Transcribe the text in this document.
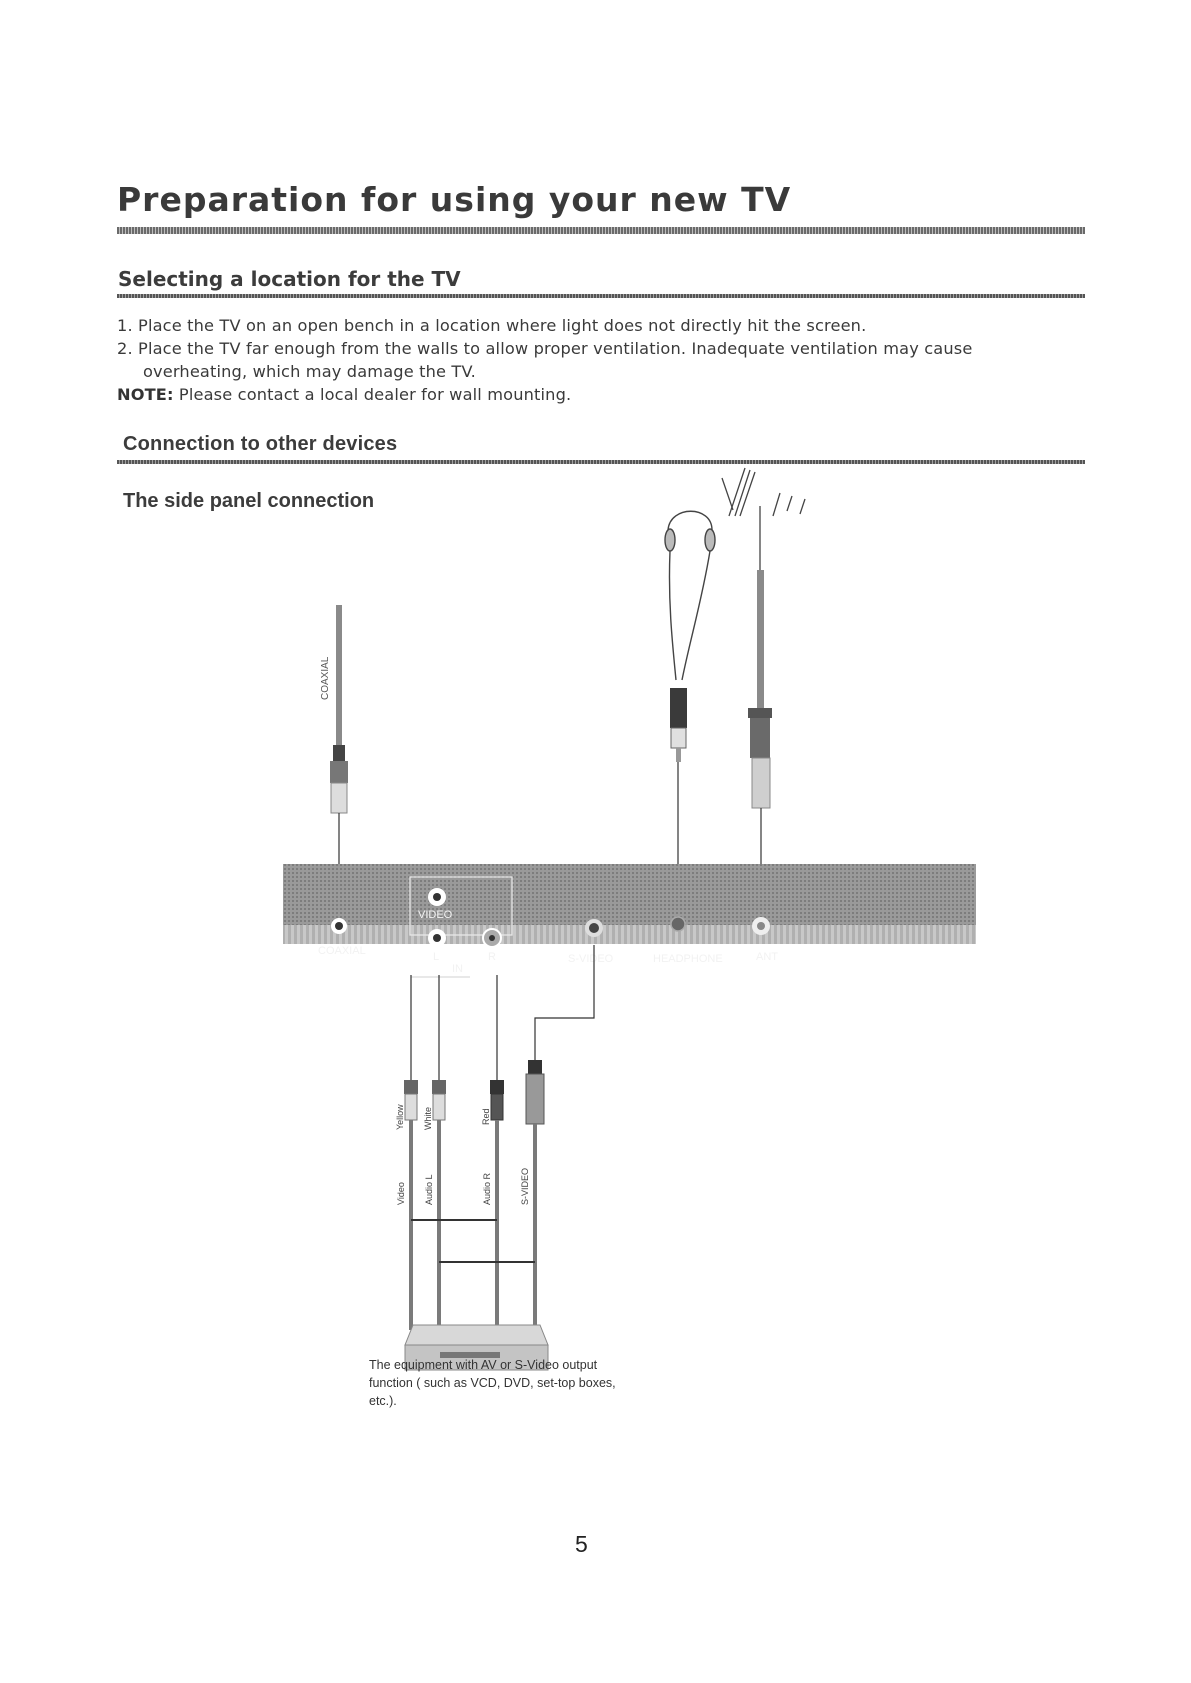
Preparation for using your new TV
Selecting a location for the TV

1. Place the TV on an open bench in a location where light does not directly hit the screen.

2. Place the TV far enough from the walls to allow proper ventilation. Inadequate ventilation may cause

overheating, which may damage the TV.

NOTE: Please contact a local dealer for wall mounting.

Connection to other devices
The side panel connection
COAXIAL
VIDEO
COAXIAL	L	R
IN
S-VIDEO	HEADPHONE	ANT
Yellow White	Red
Video Audio L	Audio R	S-VIDEO

The equipment with AV or S-Video output function ( such as VCD, DVD, set-top boxes, etc.).

5
